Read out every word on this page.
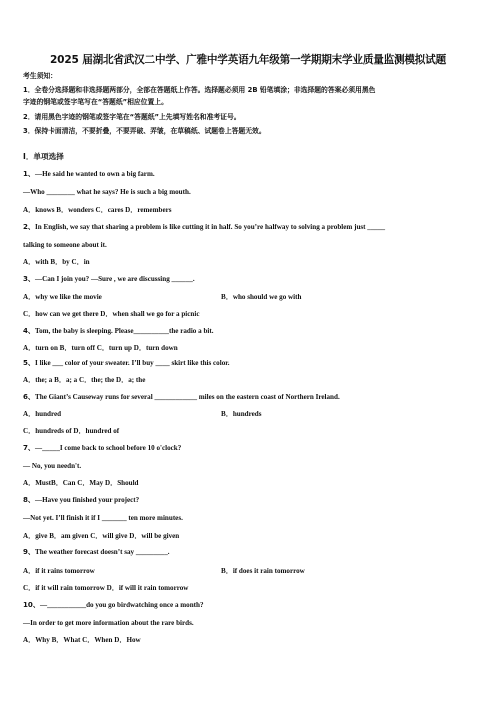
2025 届湖北省武汉二中学、广雅中学英语九年级第一学期期末学业质量监测模拟试题
考生须知：
1．全卷分选择题和非选择题两部分，全部在答题纸上作答。选择题必须用 2B 铅笔填涂；非选择题的答案必须用黑色
字迹的钢笔或签字笔写在“答题纸”相应位置上。
2．请用黑色字迹的钢笔或签字笔在“答题纸”上先填写姓名和准考证号。
3．保持卡面清洁，不要折叠，不要弄破、弄皱，在草稿纸、试题卷上答题无效。
Ⅰ．单项选择
1、—He said he wanted to own a big farm.
—Who ________ what he says? He is such a big mouth.
A．knows B．wonders C．cares D．remembers
2、In English, we say that sharing a problem is like cutting it in half. So you’re halfway to solving a problem just _____
talking to someone about it.
A．with B．by C．in
3、—Can I join you? —Sure , we are discussing ______.
A．why we like the movie	B．who should we go with
C．how can we get there D．when shall we go for a picnic
4、Tom, the baby is sleeping. Please__________the radio a bit.
A．turn on B．turn off C．turn up D．turn down
5、I like ___ color of your sweater. I’ll buy ____ skirt like this color.
A．the; a B．a; a C．the; the D．a; the
6、The Giant’s Causeway runs for several ____________ miles on the eastern coast of Northern Ireland.
A．hundred	B．hundreds
C．hundreds of D．hundred of
7、—_____I come back to school before 10 o'clock?
— No, you needn't.
A．MustB．Can C．May D．Should
8、—Have you finished your project?
—Not yet. I’ll finish it if I _______ ten more minutes.
A．give B．am given C．will give D．will be given
9、The weather forecast doesn’t say _________.
A．if it rains tomorrow	B．if does it rain tomorrow
C．if it will rain tomorrow D．if will it rain tomorrow
10、—___________do you go birdwatching once a month?
—In order to get more information about the rare birds.
A．Why B．What C．When D．How
